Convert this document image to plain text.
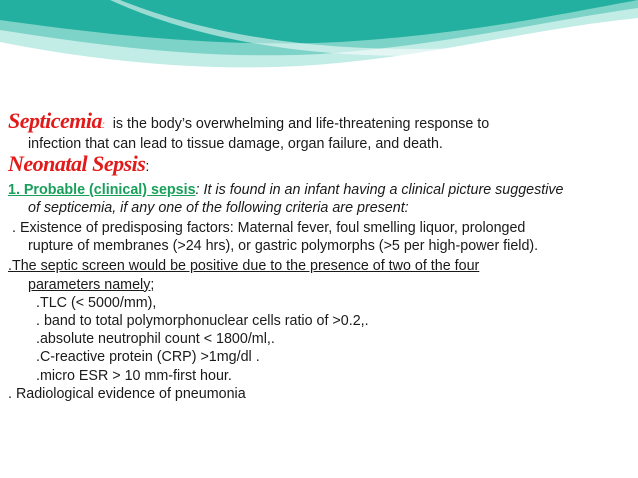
Septicemia: is the body’s overwhelming and life-threatening response to
infection that can lead to tissue damage, organ failure, and death.
Neonatal Sepsis:
1. Probable (clinical) sepsis: It is found in an infant having a clinical picture suggestive
of septicemia, if any one of the following criteria are present:
. Existence of predisposing factors: Maternal fever, foul smelling liquor, prolonged
rupture of membranes (>24 hrs), or gastric polymorphs (>5 per high-power field).
.The septic screen would be positive due to the presence of two of the four
parameters namely;
.TLC (< 5000/mm),
. band to total polymorphonuclear cells ratio of >0.2,.
.absolute neutrophil count < 1800/ml,.
.C-reactive protein (CRP) >1mg/dl .
.micro ESR > 10 mm-first hour.
. Radiological evidence of pneumonia
